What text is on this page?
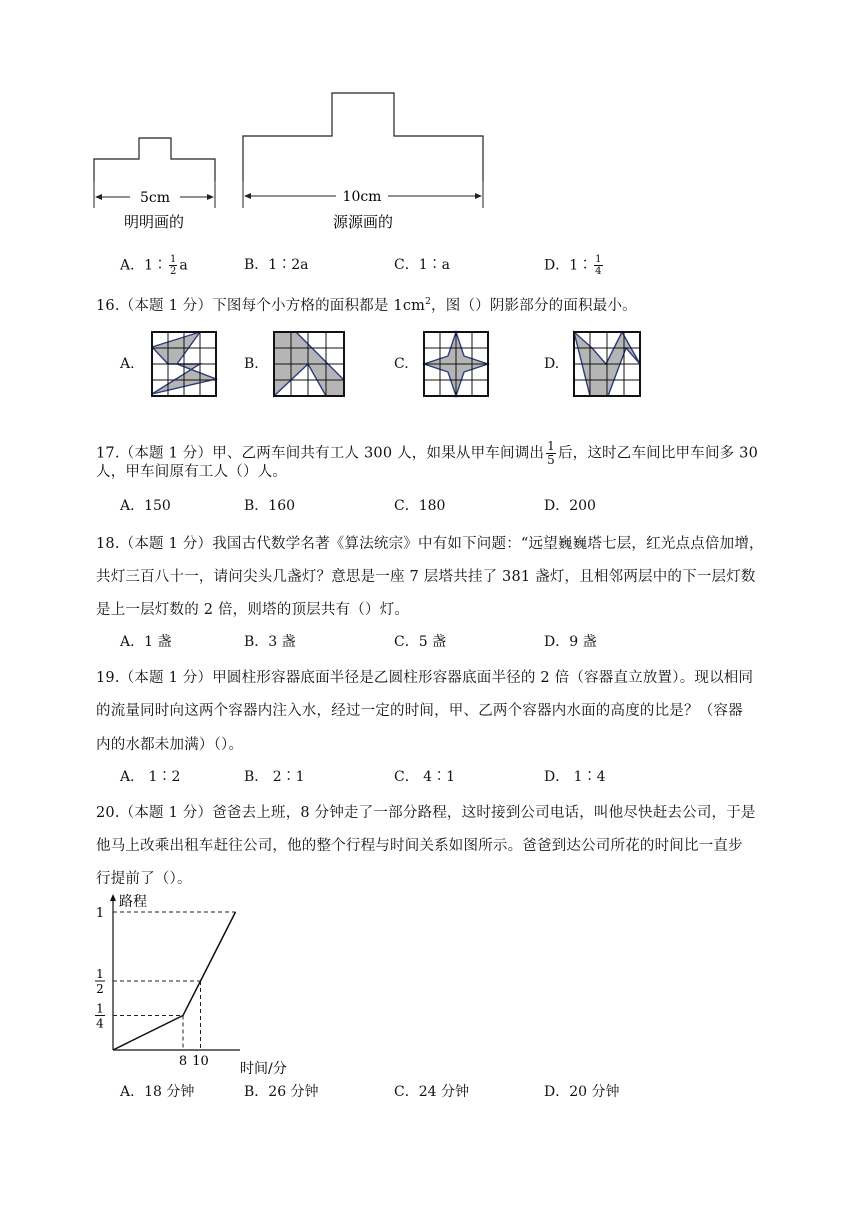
5cm
明明画的
10cm
源源画的
A．1∶ $\frac{1}{2}$ a	B．1∶2a	C．1∶a	D．1∶ $\frac{1}{4}$
16.（本题 1 分）下图每个小方格的面积都是 $1cm^2$，图（）阴影部分的面积最小。
A.	B.	C.	D.
17.（本题 1 分）甲、乙两车间共有工人 300 人，如果从甲车间调出 $\frac{1}{5}$ 后，这时乙车间比甲车间多 30
人，甲车间原有工人（）人。
A．150	B．160	C．180	D．200
18.（本题 1 分）我国古代数学名著《算法统宗》中有如下问题：“远望巍巍塔七层，红光点点倍加增，
共灯三百八十一，请问尖头几盏灯？意思是一座 7 层塔共挂了 381 盏灯，且相邻两层中的下一层灯数
是上一层灯数的 2 倍，则塔的顶层共有（）灯。
A．1 盏	B．3 盏	C．5 盏	D．9 盏
19.（本题 1 分）甲圆柱形容器底面半径是乙圆柱形容器底面半径的 2 倍（容器直立放置）。现以相同
的流量同时向这两个容器内注入水，经过一定的时间，甲、乙两个容器内水面的高度的比是？（容器
内的水都未加满）（）。
A． 1∶2	B． 2∶1	C． 4∶1	D． 1∶4
20.（本题 1 分）爸爸去上班，8 分钟走了一部分路程，这时接到公司电话，叫他尽快赶去公司，于是
他马上改乘出租车赶往公司，他的整个行程与时间关系如图所示。爸爸到达公司所花的时间比一直步
行提前了（）。
路程
时间/分
1
1
2
1
4
8 10
A．18 分钟	B．26 分钟	C．24 分钟	D．20 分钟
